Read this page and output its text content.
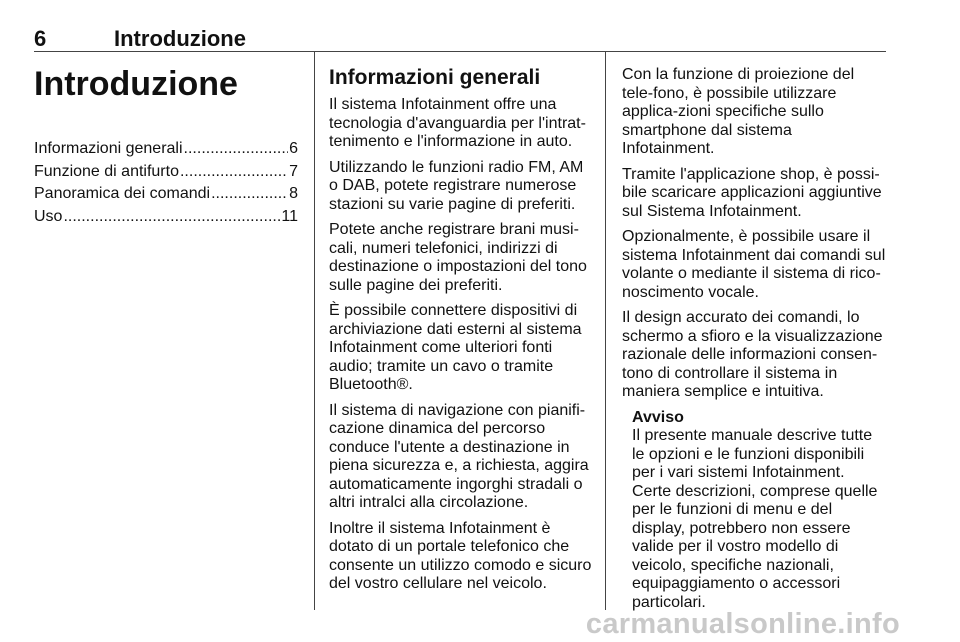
6	Introduzione
Introduzione
Informazioni generali .....	6
Funzione di antifurto .....	7
Panoramica dei comandi .....	8
Uso .....	11
Informazioni generali

Il sistema Infotainment offre una tecnologia d'avanguardia per l'intrat-tenimento e l'informazione in auto.

Utilizzando le funzioni radio FM, AM o DAB, potete registrare numerose stazioni su varie pagine di preferiti.

Potete anche registrare brani musi-cali, numeri telefonici, indirizzi di destinazione o impostazioni del tono sulle pagine dei preferiti.

È possibile connettere dispositivi di archiviazione dati esterni al sistema Infotainment come ulteriori fonti audio; tramite un cavo o tramite Bluetooth®.

Il sistema di navigazione con pianifi-cazione dinamica del percorso conduce l'utente a destinazione in piena sicurezza e, a richiesta, aggira automaticamente ingorghi stradali o altri intralci alla circolazione.

Inoltre il sistema Infotainment è dotato di un portale telefonico che consente un utilizzo comodo e sicuro del vostro cellulare nel veicolo.

Con la funzione di proiezione del tele-fono, è possibile utilizzare applica-zioni specifiche sullo smartphone dal sistema Infotainment.

Tramite l'applicazione shop, è possi-bile scaricare applicazioni aggiuntive sul Sistema Infotainment.

Opzionalmente, è possibile usare il sistema Infotainment dai comandi sul volante o mediante il sistema di rico-noscimento vocale.

Il design accurato dei comandi, lo schermo a sfioro e la visualizzazione razionale delle informazioni consen-tono di controllare il sistema in maniera semplice e intuitiva.

Avviso
Il presente manuale descrive tutte le opzioni e le funzioni disponibili per i vari sistemi Infotainment. Certe descrizioni, comprese quelle per le funzioni di menu e del display, potrebbero non essere valide per il vostro modello di veicolo, specifiche nazionali, equipaggiamento o accessori particolari.
carmanualsonline.info
